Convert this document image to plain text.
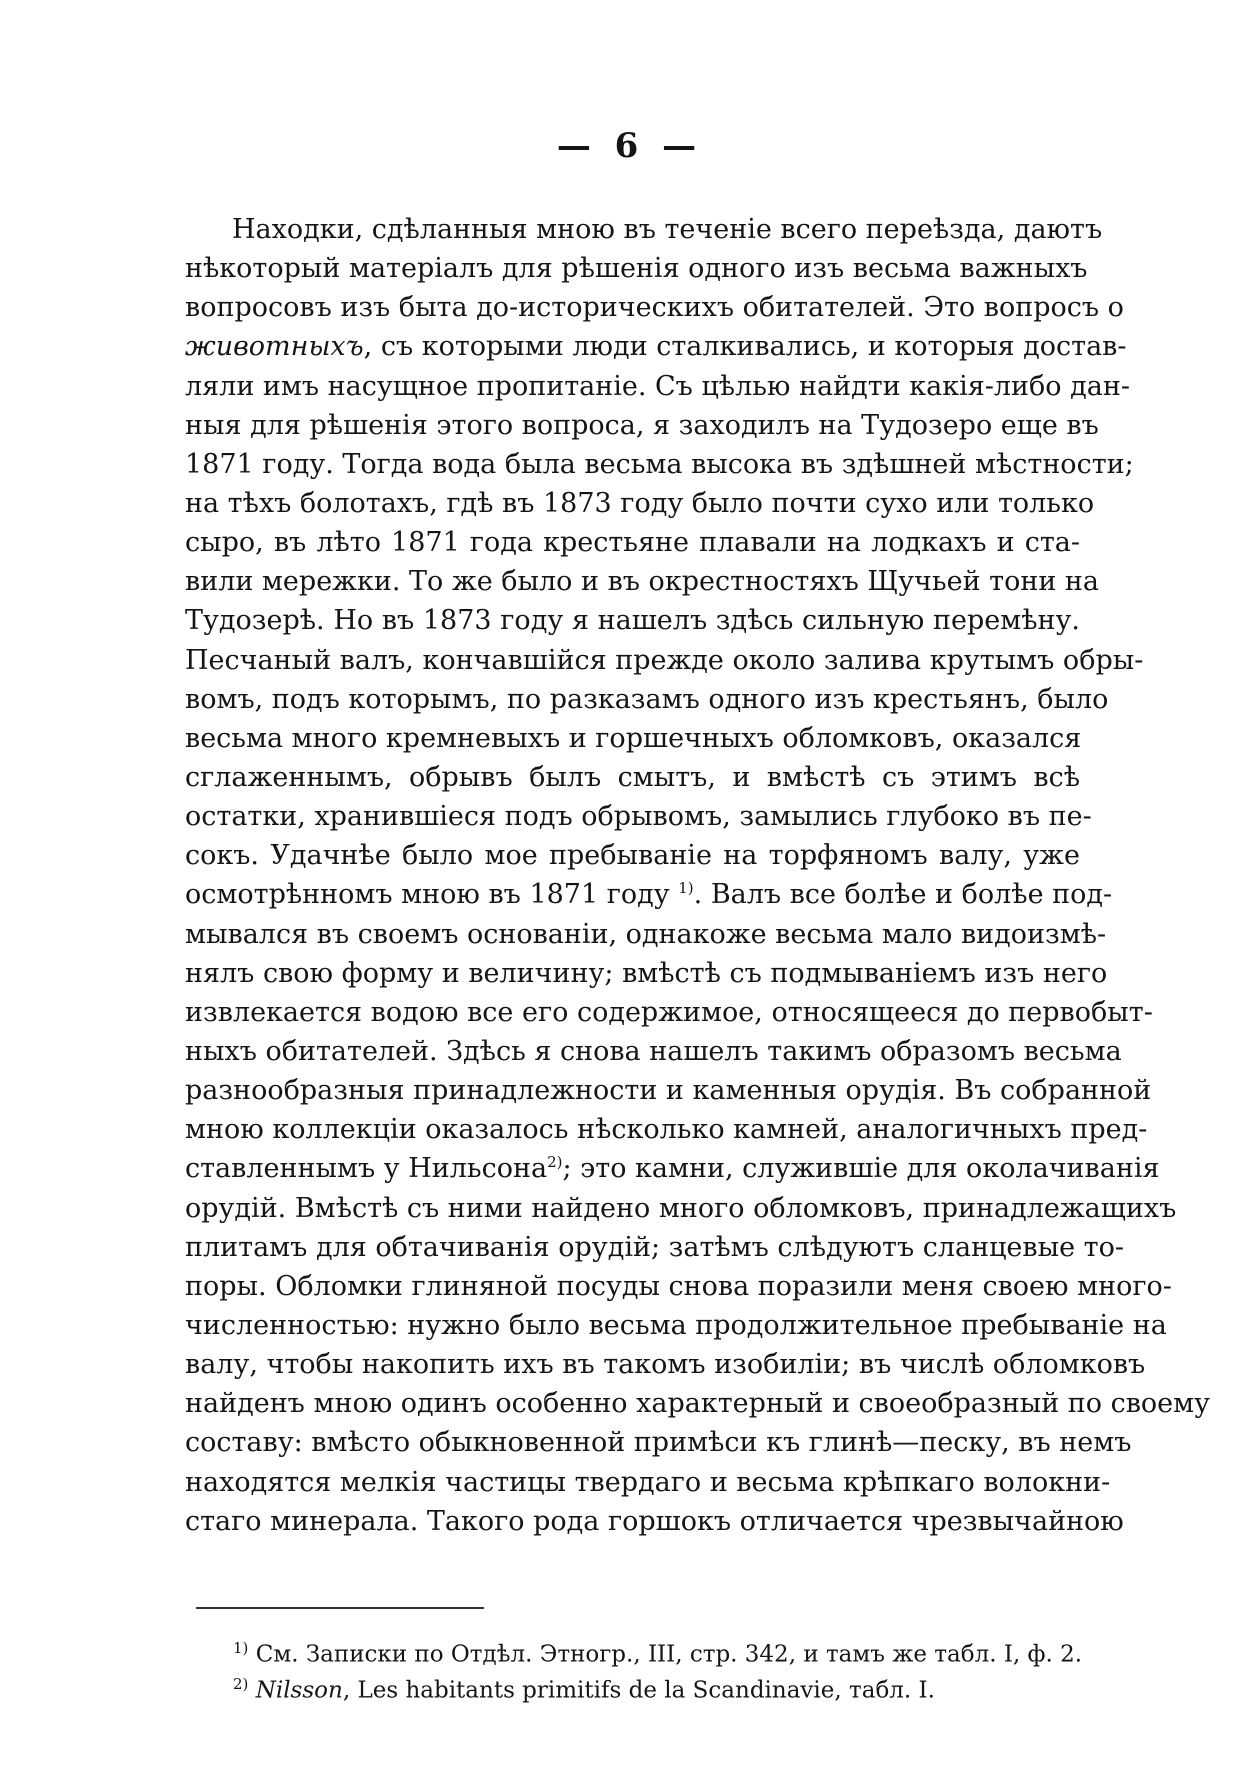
— 6 —
Находки, сдѣланныя мною въ теченіе всего переѣзда, даютъ
нѣкоторый матеріалъ для рѣшенія одного изъ весьма важныхъ
вопросовъ изъ быта до-историческихъ обитателей. Это вопросъ о
животныхъ, съ которыми люди сталкивались, и которыя достав-
ляли имъ насущное пропитаніе. Съ цѣлью найдти какія-либо дан-
ныя для рѣшенія этого вопроса, я заходилъ на Тудозеро еще въ
1871 году. Тогда вода была весьма высока въ здѣшней мѣстности;
на тѣхъ болотахъ, гдѣ въ 1873 году было почти сухо или только
сыро, въ лѣто 1871 года крестьяне плавали на лодкахъ и ста-
вили мережки. То же было и въ окрестностяхъ Щучьей тони на
Тудозерѣ. Но въ 1873 году я нашелъ здѣсь сильную перемѣну.
Песчаный валъ, кончавшійся прежде около залива крутымъ обры-
вомъ, подъ которымъ, по разказамъ одного изъ крестьянъ, было
весьма много кремневыхъ и горшечныхъ обломковъ, оказался
сглаженнымъ, обрывъ былъ смытъ, и вмѣстѣ съ этимъ всѣ
остатки, хранившіеся подъ обрывомъ, замылись глубоко въ пе-
сокъ. Удачнѣе было мое пребываніе на торфяномъ валу, уже
осмотрѣнномъ мною въ 1871 году $^{1)}$. Валъ все болѣе и болѣе под-
мывался въ своемъ основаніи, однакоже весьма мало видоизмѣ-
нялъ свою форму и величину; вмѣстѣ съ подмываніемъ изъ него
извлекается водою все его содержимое, относящееся до первобыт-
ныхъ обитателей. Здѣсь я снова нашелъ такимъ образомъ весьма
разнообразныя принадлежности и каменныя орудія. Въ собранной
мною коллекціи оказалось нѣсколько камней, аналогичныхъ пред-
ставленнымъ у Нильсона$^{2)}$; это камни, служившіе для околачиванія
орудій. Вмѣстѣ съ ними найдено много обломковъ, принадлежащихъ
плитамъ для обтачиванія орудій; затѣмъ слѣдуютъ сланцевые то-
поры. Обломки глиняной посуды снова поразили меня своею много-
численностью: нужно было весьма продолжительное пребываніе на
валу, чтобы накопить ихъ въ такомъ изобиліи; въ числѣ обломковъ
найденъ мною одинъ особенно характерный и своеобразный по своему
составу: вмѣсто обыкновенной примѣси къ глинѣ—песку, въ немъ
находятся мелкія частицы твердаго и весьма крѣпкаго волокни-
стаго минерала. Такого рода горшокъ отличается чрезвычайною
$^{1)}$ См. Записки по Отдѣл. Этногр., III, стр. 342, и тамъ же табл. I, ф. 2.
$^{2)}$ Nilsson, Les habitants primitifs de la Scandinavie, табл. I.
